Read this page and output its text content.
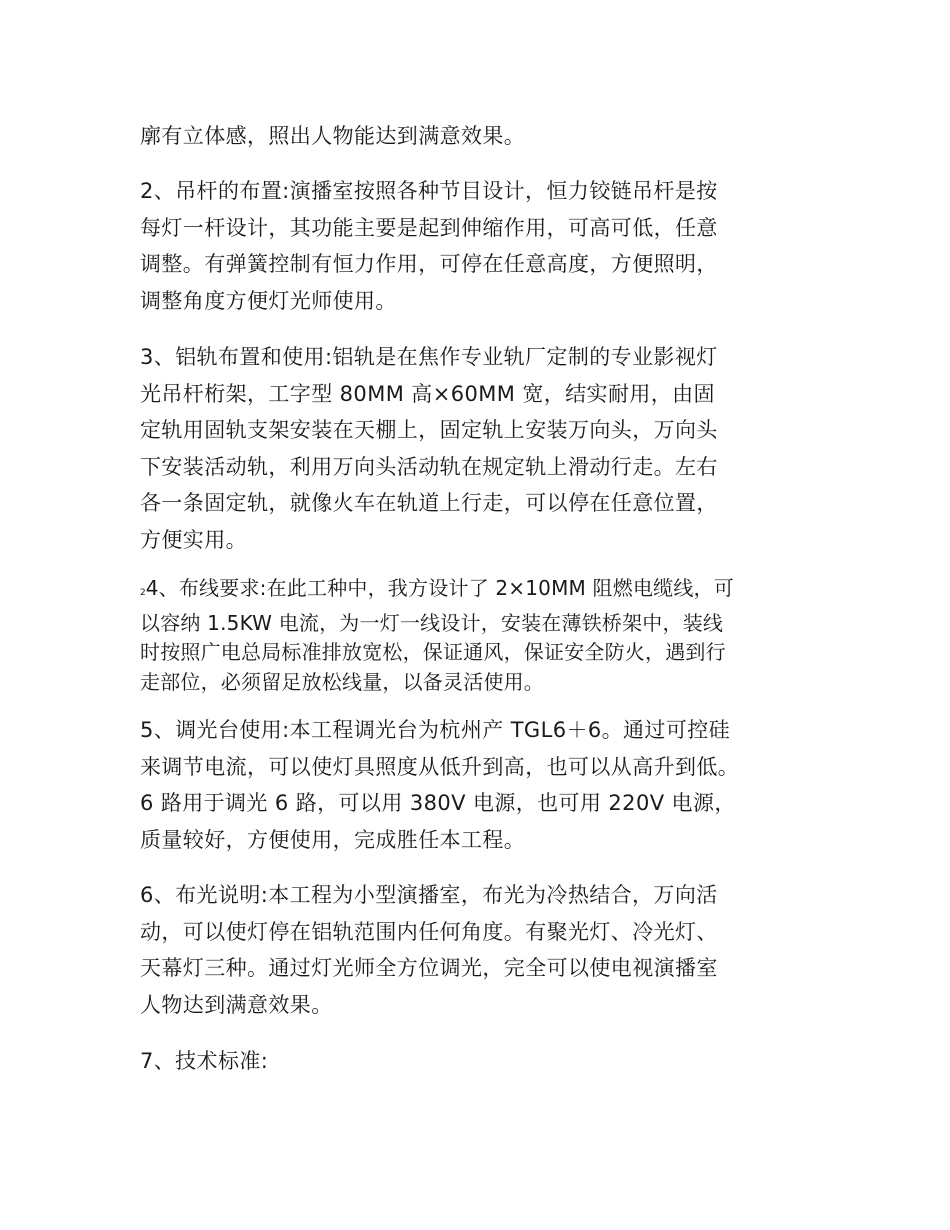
廓有立体感，照出人物能达到满意效果。
2、吊杆的布置:演播室按照各种节目设计，恒力铰链吊杆是按
每灯一杆设计，其功能主要是起到伸缩作用，可高可低，任意
调整。有弹簧控制有恒力作用，可停在任意高度，方便照明，
调整角度方便灯光师使用。
3、铝轨布置和使用:铝轨是在焦作专业轨厂定制的专业影视灯
光吊杆桁架，工字型 80MM 高×60MM 宽，结实耐用，由固
定轨用固轨支架安装在天棚上，固定轨上安装万向头，万向头
下安装活动轨，利用万向头活动轨在规定轨上滑动行走。左右
各一条固定轨，就像火车在轨道上行走，可以停在任意位置，
方便实用。
24、布线要求:在此工种中，我方设计了 2×10MM 阻燃电缆线，可
以容纳 1.5KW 电流，为一灯一线设计，安装在薄铁桥架中，装线
时按照广电总局标准排放宽松，保证通风，保证安全防火，遇到行
走部位，必须留足放松线量，以备灵活使用。
5、调光台使用:本工程调光台为杭州产 TGL6＋6。通过可控硅
来调节电流，可以使灯具照度从低升到高，也可以从高升到低。
6 路用于调光 6 路，可以用 380V 电源，也可用 220V 电源，
质量较好，方便使用，完成胜任本工程。
6、布光说明:本工程为小型演播室，布光为冷热结合，万向活
动，可以使灯停在铝轨范围内任何角度。有聚光灯、冷光灯、
天幕灯三种。通过灯光师全方位调光，完全可以使电视演播室
人物达到满意效果。
7、技术标准:
